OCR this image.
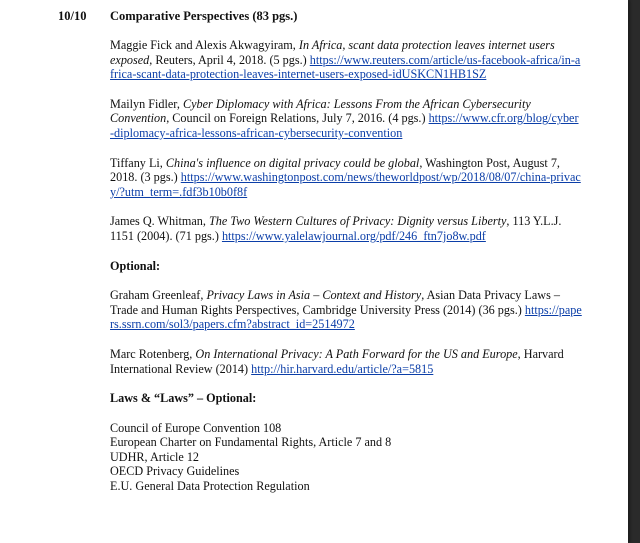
10/10 Comparative Perspectives (83 pgs.)
Maggie Fick and Alexis Akwagyiram, In Africa, scant data protection leaves internet users exposed, Reuters, April 4, 2018. (5 pgs.) https://www.reuters.com/article/us-facebook-africa/in-africa-scant-data-protection-leaves-internet-users-exposed-idUSKCN1HB1SZ
Mailyn Fidler, Cyber Diplomacy with Africa: Lessons From the African Cybersecurity Convention, Council on Foreign Relations, July 7, 2016. (4 pgs.) https://www.cfr.org/blog/cyber-diplomacy-africa-lessons-african-cybersecurity-convention
Tiffany Li, China's influence on digital privacy could be global, Washington Post, August 7, 2018. (3 pgs.) https://www.washingtonpost.com/news/theworldpost/wp/2018/08/07/china-privacy/?utm_term=.fdf3b10b0f8f
James Q. Whitman, The Two Western Cultures of Privacy: Dignity versus Liberty, 113 Y.L.J. 1151 (2004). (71 pgs.) https://www.yalelawjournal.org/pdf/246_ftn7jo8w.pdf
Optional:
Graham Greenleaf, Privacy Laws in Asia – Context and History, Asian Data Privacy Laws – Trade and Human Rights Perspectives, Cambridge University Press (2014) (36 pgs.) https://papers.ssrn.com/sol3/papers.cfm?abstract_id=2514972
Marc Rotenberg, On International Privacy: A Path Forward for the US and Europe, Harvard International Review (2014) http://hir.harvard.edu/article/?a=5815
Laws & “Laws” – Optional:
Council of Europe Convention 108
European Charter on Fundamental Rights, Article 7 and 8
UDHR, Article 12
OECD Privacy Guidelines
E.U. General Data Protection Regulation
